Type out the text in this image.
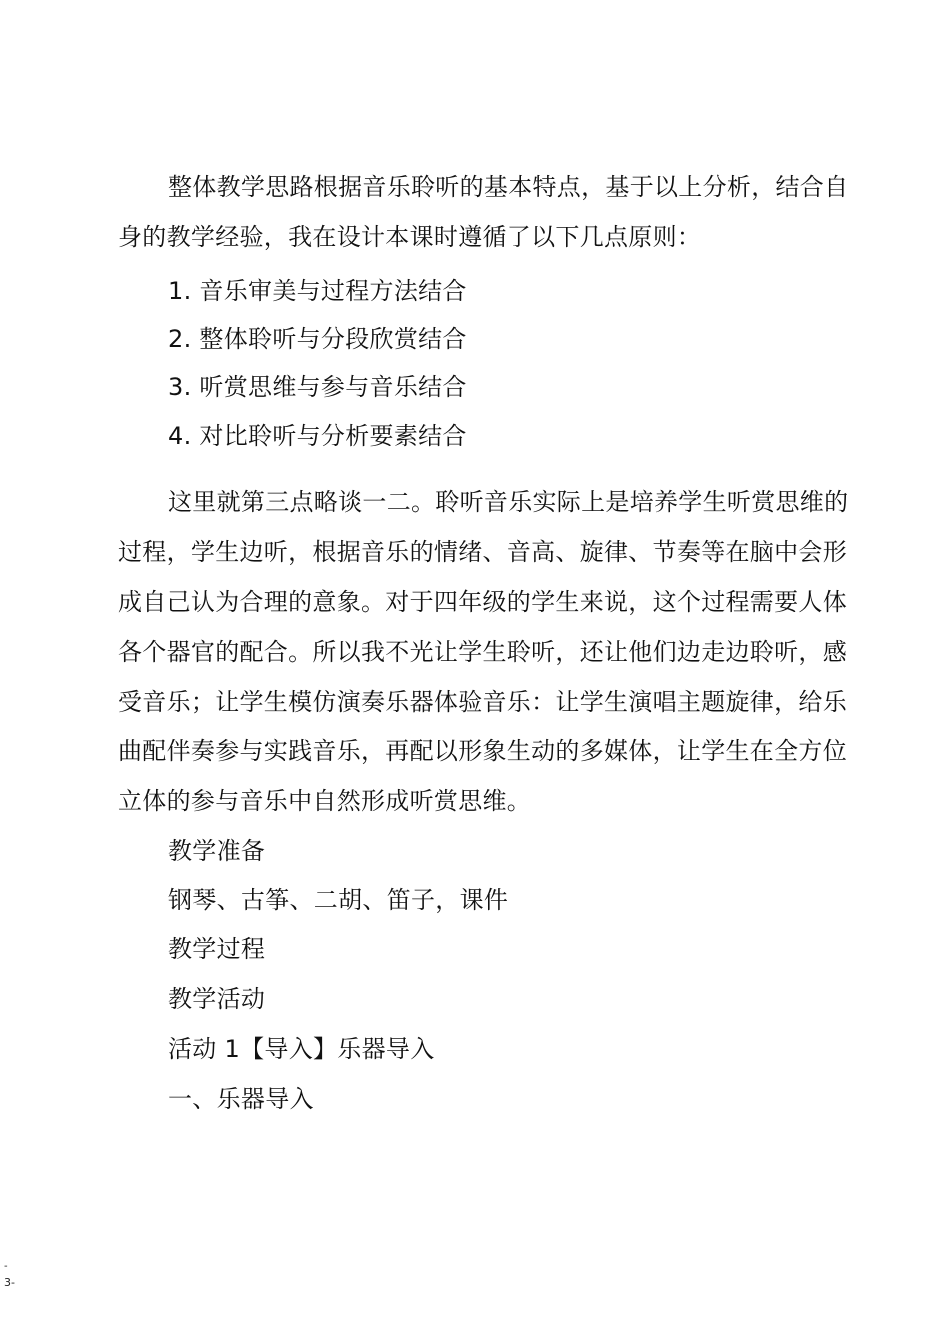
整体教学思路根据音乐聆听的基本特点，基于以上分析，结合自
身的教学经验，我在设计本课时遵循了以下几点原则：
1. 音乐审美与过程方法结合
2. 整体聆听与分段欣赏结合
3. 听赏思维与参与音乐结合
4. 对比聆听与分析要素结合
这里就第三点略谈一二。聆听音乐实际上是培养学生听赏思维的
过程，学生边听，根据音乐的情绪、音高、旋律、节奏等在脑中会形
成自己认为合理的意象。对于四年级的学生来说，这个过程需要人体
各个器官的配合。所以我不光让学生聆听，还让他们边走边聆听，感
受音乐；让学生模仿演奏乐器体验音乐：让学生演唱主题旋律，给乐
曲配伴奏参与实践音乐，再配以形象生动的多媒体，让学生在全方位
立体的参与音乐中自然形成听赏思维。
教学准备
钢琴、古筝、二胡、笛子，课件
教学过程
教学活动
活动 1【导入】乐器导入
一、乐器导入
-
3-
